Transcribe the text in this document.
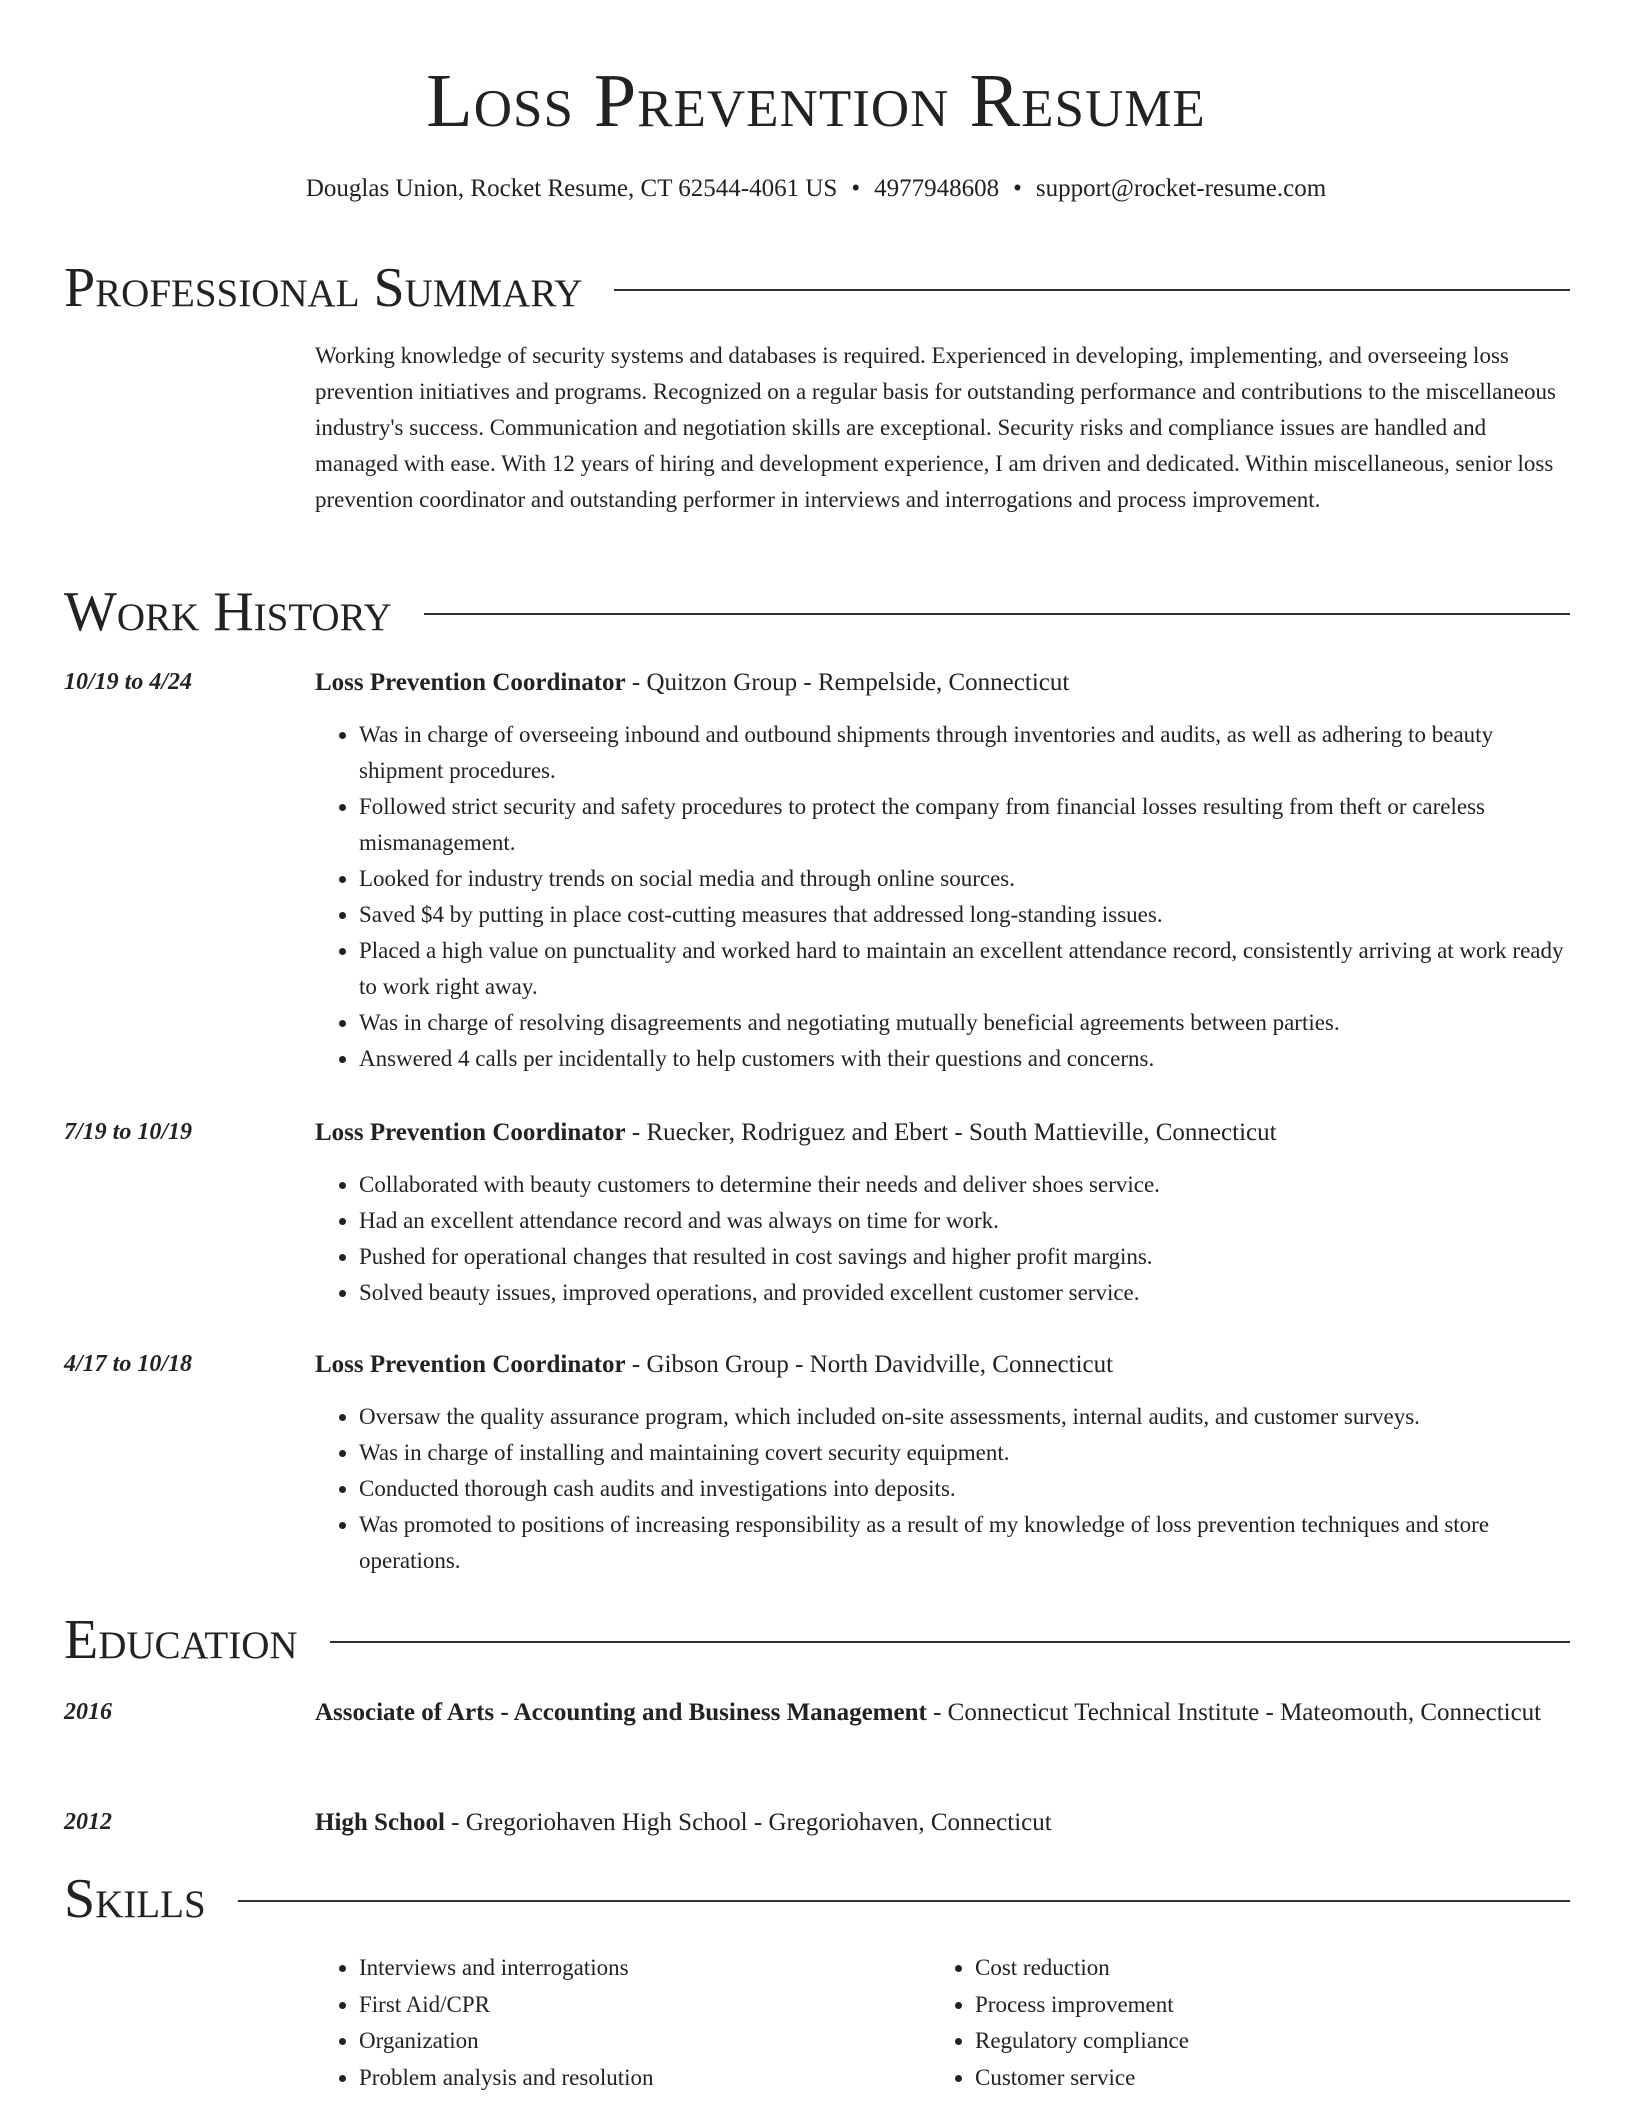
Loss Prevention Resume
Douglas Union, Rocket Resume, CT 62544-4061 US • 4977948608 • support@rocket-resume.com
Professional Summary

Working knowledge of security systems and databases is required. Experienced in developing, implementing, and overseeing loss prevention initiatives and programs. Recognized on a regular basis for outstanding performance and contributions to the miscellaneous industry's success. Communication and negotiation skills are exceptional. Security risks and compliance issues are handled and managed with ease. With 12 years of hiring and development experience, I am driven and dedicated. Within miscellaneous, senior loss prevention coordinator and outstanding performer in interviews and interrogations and process improvement.

Work History
10/19 to 4/24	Loss Prevention Coordinator - Quitzon Group - Rempelside, Connecticut
• Was in charge of overseeing inbound and outbound shipments through inventories and audits, as well as adhering to beauty shipment procedures.
• Followed strict security and safety procedures to protect the company from financial losses resulting from theft or careless mismanagement.
• Looked for industry trends on social media and through online sources.
• Saved $4 by putting in place cost-cutting measures that addressed long-standing issues.
• Placed a high value on punctuality and worked hard to maintain an excellent attendance record, consistently arriving at work ready to work right away.
• Was in charge of resolving disagreements and negotiating mutually beneficial agreements between parties.
• Answered 4 calls per incidentally to help customers with their questions and concerns.
7/19 to 10/19	Loss Prevention Coordinator - Ruecker, Rodriguez and Ebert - South Mattieville, Connecticut
• Collaborated with beauty customers to determine their needs and deliver shoes service.
• Had an excellent attendance record and was always on time for work.
• Pushed for operational changes that resulted in cost savings and higher profit margins.
• Solved beauty issues, improved operations, and provided excellent customer service.
4/17 to 10/18	Loss Prevention Coordinator - Gibson Group - North Davidville, Connecticut
• Oversaw the quality assurance program, which included on-site assessments, internal audits, and customer surveys.
• Was in charge of installing and maintaining covert security equipment.
• Conducted thorough cash audits and investigations into deposits.
• Was promoted to positions of increasing responsibility as a result of my knowledge of loss prevention techniques and store operations.
Education
2016	Associate of Arts - Accounting and Business Management - Connecticut Technical Institute - Mateomouth, Connecticut
2012	High School - Gregoriohaven High School - Gregoriohaven, Connecticut
Skills
• Interviews and interrogations
• First Aid/CPR
• Organization
• Problem analysis and resolution
• Cost reduction
• Process improvement
• Regulatory compliance
• Customer service
